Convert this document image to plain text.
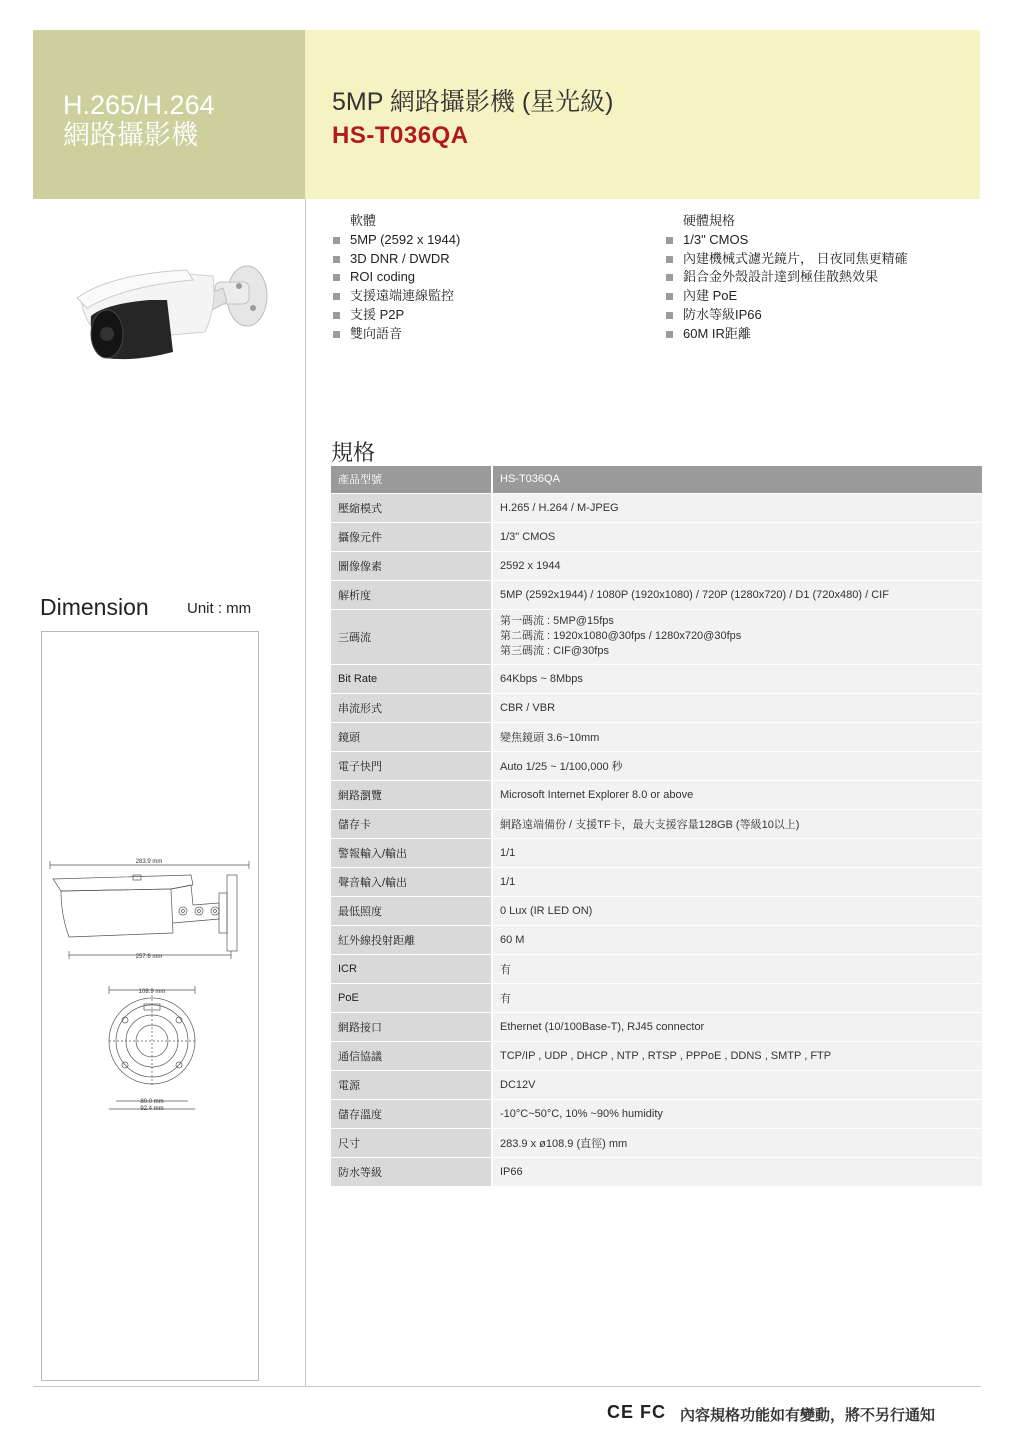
H.265/H.264
網路攝影機
5MP 網路攝影機 (星光級)
HS-T036QA
軟體
5MP (2592 x 1944)
3D DNR / DWDR
ROI coding
支援遠端連線監控
支援 P2P
雙向語音
硬體規格
1/3" CMOS
內建機械式濾光鏡片， 日夜同焦更精確
鋁合金外殼設計達到極佳散熱效果
內建 PoE
防水等級IP66
60M IR距離
Dimension	Unit : mm
283.9 mm
257.6 mm
108.9 mm
80.0 mm
92.4 mm
規格
產品型號	HS-T036QA
壓縮模式	H.265 / H.264 / M-JPEG
攝像元件	1/3" CMOS
圖像像素	2592 x 1944
解析度	5MP (2592x1944) / 1080P (1920x1080) / 720P (1280x720) / D1 (720x480) / CIF
三碼流	第一碼流 : 5MP@15fps
第二碼流 : 1920x1080@30fps / 1280x720@30fps
第三碼流 : CIF@30fps

Bit Rate	64Kbps ~ 8Mbps
串流形式	CBR / VBR
鏡頭	變焦鏡頭 3.6~10mm
電子快門	Auto 1/25 ~ 1/100,000 秒
網路瀏覽	Microsoft Internet Explorer 8.0 or above
儲存卡	網路遠端備份 / 支援TF卡，最大支援容量128GB (等級10以上)
警報輸入/輸出	1/1
聲音輸入/輸出	1/1
最低照度	0 Lux (IR LED ON)
紅外線投射距離	60 M
ICR	有
PoE	有
網路接口	Ethernet (10/100Base-T), RJ45 connector
通信協議	TCP/IP , UDP , DHCP , NTP , RTSP , PPPoE , DDNS , SMTP , FTP
電源	DC12V
儲存溫度	-10°C~50°C, 10% ~90% humidity
尺寸	283.9 x ø108.9 (直徑) mm
防水等級	IP66
CE FC 內容規格功能如有變動，將不另行通知
